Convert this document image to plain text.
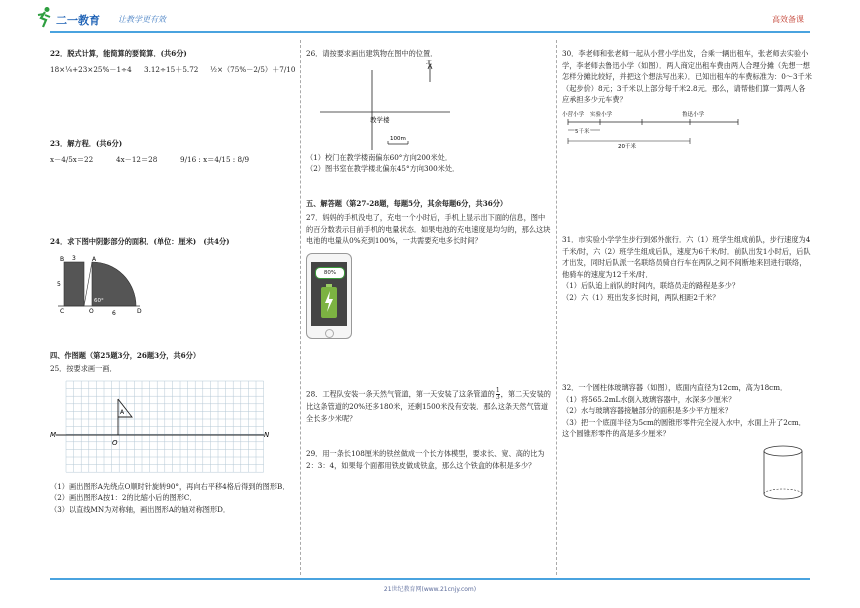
二一教育 让教学更有效	高效备课

22．脱式计算，能简算的要简算．(共6分)

18×¼+23×25%－1÷4 3.12÷15＋5.72 ½×（75%－2/5）＋7/10

23．解方程．(共6分)

x－4/5x＝22	4x－12＝28	9/16 : x＝4/15 : 8/9

24．求下图中阴影部分的面积．(单位：厘米)　(共4分)

B	A
C	O	D
3
5
6
60°

四、作图题（第25题3分，26题3分，共6分）

25．按要求画一画．

M	N
A
O

（1）画出图形A先绕点O顺时针旋转90°，再向右平移4格后得到的图形B．

（2）画出图形A按1：2的比缩小后的图形C．

（3）以直线MN为对称轴，画出图形A的轴对称图形D．

26．请按要求画出建筑物在图中的位置．

北
教学楼
100m

（1）校门在教学楼南偏东60°方向200米处．

（2）图书室在教学楼北偏东45°方向300米处．

五、解答题（第27-28题，每题5分，其余每题6分，共36分）

27．妈妈的手机没电了，充电一个小时后，手机上显示出下面的信息，图中的百分数表示目前手机的电量状态．如果电池的充电速度是均匀的，那么这块电池的电量从0%充到100%，一共需要充电多长时间？

80%

28．工程队安装一条天然气管道，第一天安装了这条管道的 $\frac{1}{3}$ ，第二天安装的比这条管道的20%还多180米，还剩1500米没有安装．那么这条天然气管道全长多少米呢？

29．用一条长108厘米的铁丝做成一个长方体模型，要求长、宽、高的比为2：3：4，如果每个面都用铁皮做成铁盒，那么这个铁盒的体积是多少？

30．李老师和张老师一起从小营小学出发，合乘一辆出租车，张老师去实验小学，李老师去鲁迅小学（如图）．两人商定出租车费由两人合理分摊（先想一想怎样分摊比较好，并把这个想法写出来）．已知出租车的车费标准为：0～3千米（起步价）8元；3千米以上部分每千米2.8元．那么，请帮他们算一算两人各应承担多少元车费？

小营小学 实验小学	鲁迅小学
5千米
20千米

31．市实验小学学生步行到郊外旅行．六（1）班学生组成前队，步行速度为4千米/时，六（2）班学生组成后队，速度为6千米/时．前队出发1小时后，后队才出发，同时后队派一名联络员骑自行车在两队之间不间断地来回进行联络，他骑车的速度为12千米/时．

（1）后队追上前队的时间内，联络员走的路程是多少？

（2）六（1）班出发多长时间，两队相距2千米？

32．一个圆柱体玻璃容器（如图），底面内直径为12cm，高为18cm．

（1）将565.2mL水倒入玻璃容器中，水深多少厘米？

（2）水与玻璃容器接触部分的面积是多少平方厘米？

（3）把一个底面半径为5cm的圆锥形零件完全浸入水中，水面上升了2cm．这个圆锥形零件的高是多少厘米？

21世纪教育网(www.21cnjy.com)
